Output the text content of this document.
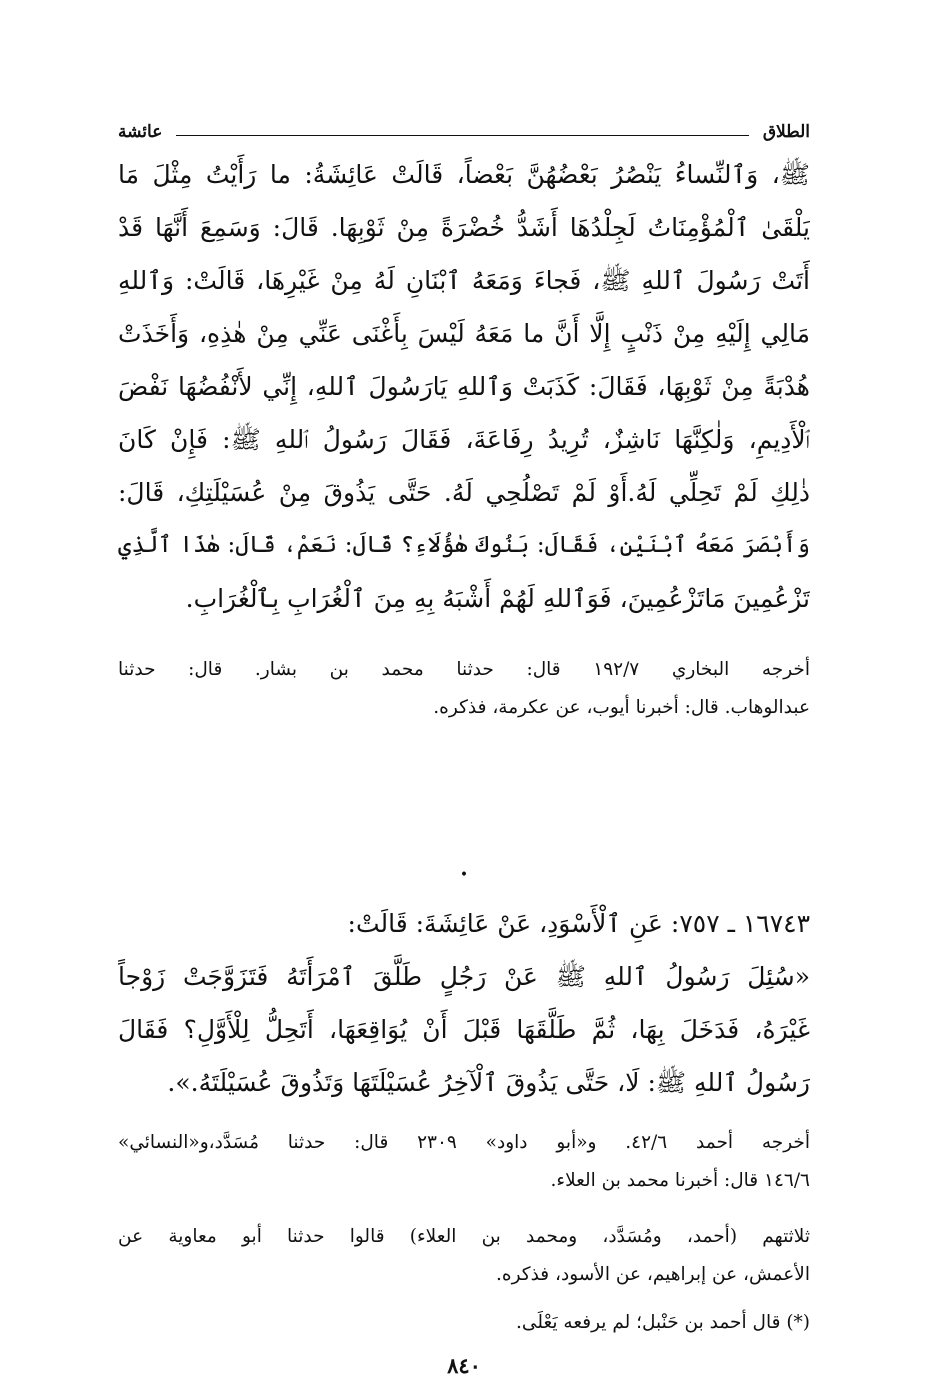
الطلاق
عائشة

ﷺ، وَٱلنِّساءُ يَنْصُرُ بَعْضُهُنَّ بَعْضاً، قَالَتْ عَائِشَةُ: ما رَأَيْتُ مِثْلَ مَا
يَلْقَىٰ ٱلْمُؤْمِنَاتُ لَجِلْدُهَا أَشَدُّ خُضْرَةً مِنْ ثَوْبِهَا. قَالَ: وَسَمِعَ أَنَّهَا قَدْ
أَتَتْ رَسُولَ ٱللهِ ﷺ، فَجاءَ وَمَعَهُ ٱبْنَانِ لَهُ مِنْ غَيْرِهَا، قَالَتْ: وَٱللهِ
مَالِي إِلَيْهِ مِنْ ذَنْبٍ إِلَّا أَنَّ ما مَعَهُ لَيْسَ بِأَغْنَى عَنِّي مِنْ هٰذِهِ، وَأَخَذَتْ
هُدْبَةً مِنْ ثَوْبِهَا، فَقَالَ: كَذَبَتْ وَٱللهِ يَارَسُولَ ٱللهِ، إِنِّي لأَنْفُضُهَا نَفْضَ
ٱلْأَدِيمِ، وَلٰكِنَّهَا نَاشِزٌ، تُرِيدُ رِفَاعَةَ، فَقَالَ رَسُولُ ٱللهِ ﷺ: فَإِنْ كَانَ
ذٰلِكِ لَمْ تَحِلِّي لَهُ.أَوْ لَمْ تَصْلُحِي لَهُ. حَتَّى يَذُوقَ مِنْ عُسَيْلَتِكِ، قَالَ:
وَأَبْصَرَ مَعَهُ ٱبْنَيْنِ، فَقَالَ: بَنُوكَ هٰؤُلَاءِ؟ قَالَ: نَعَمْ، قَالَ: هٰذَا ٱلَّذِي
تَزْعُمِينَ مَاتَزْعُمِينَ، فَوَٱللهِ لَهُمْ أَشْبَهُ بِهِ مِنَ ٱلْغُرَابِ بِٱلْغُرَابِ.

أخرجه البخاري ١٩٢/٧ قال: حدثنا محمد بن بشار. قال: حدثنا
عبدالوهاب. قال: أخبرنا أيوب، عن عكرمة، فذكره.

•

١٦٧٤٣ ـ ٧٥٧: عَنِ ٱلْأَسْوَدِ، عَنْ عَائِشَةَ: قَالَتْ:
«سُئِلَ رَسُولُ ٱللهِ ﷺ عَنْ رَجُلٍ طَلَّقَ ٱمْرَأَتَهُ فَتَزَوَّجَتْ زَوْجاً
غَيْرَهُ، فَدَخَلَ بِهَا، ثُمَّ طَلَّقَهَا قَبْلَ أَنْ يُوَاقِعَهَا، أَتَحِلُّ لِلْأَوَّلِ؟ فَقَالَ
رَسُولُ ٱللهِ ﷺ: لَا، حَتَّى يَذُوقَ ٱلْآخِرُ عُسَيْلَتَهَا وَتَذُوقَ عُسَيْلَتَهُ.».

أخرجه أحمد ٤٢/٦. و«أبو داود» ٢٣٠٩ قال: حدثنا مُسَدَّد،و«النسائي»
١٤٦/٦ قال: أخبرنا محمد بن العلاء.

ثلاثتهم (أحمد، ومُسَدَّد، ومحمد بن العلاء) قالوا حدثنا أبو معاوية عن
الأعمش، عن إبراهيم، عن الأسود، فذكره.

(*) قال أحمد بن حَنْبل؛ لم يرفعه يَعْلَى.

٨٤٠
